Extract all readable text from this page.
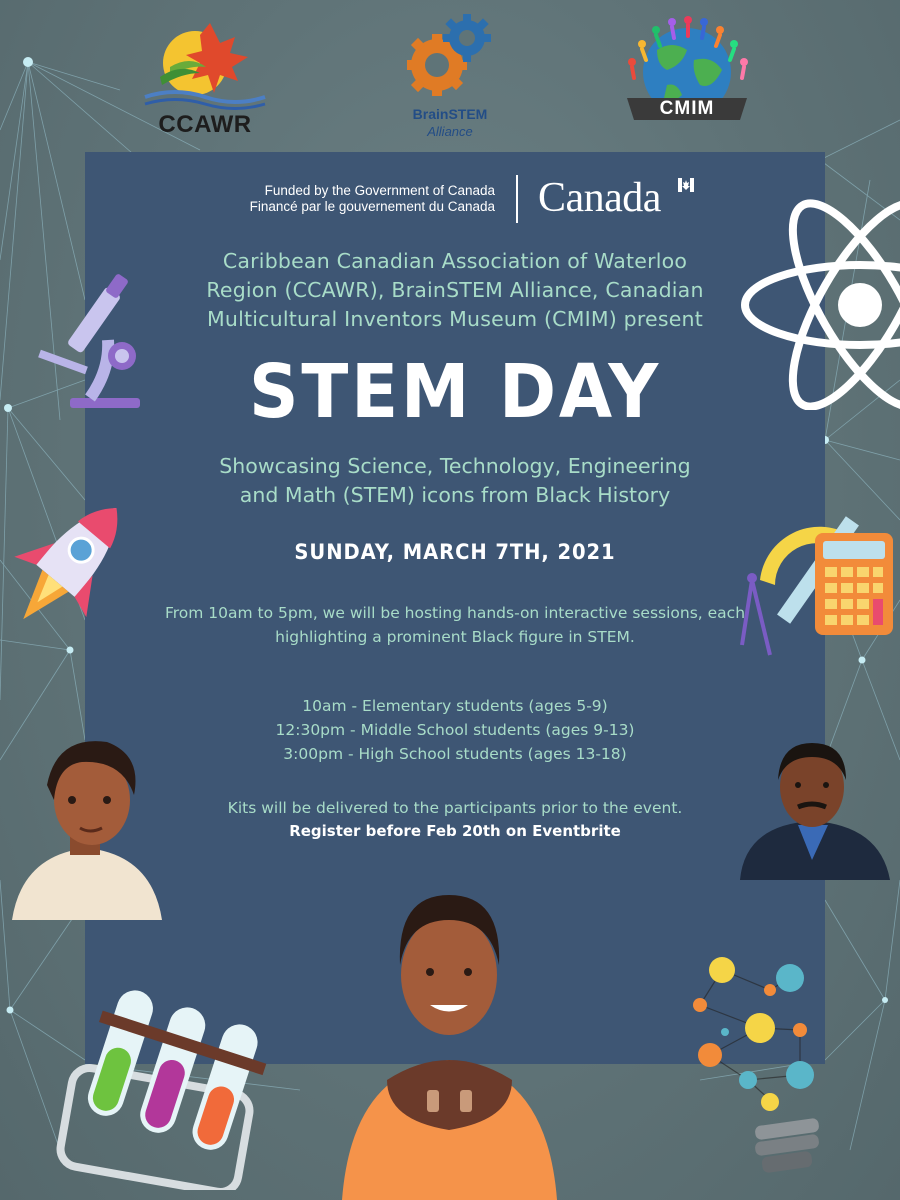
CCAWR	BrainSTEM
Alliance
CMIM
Funded by the Government of Canada
Financé par le gouvernement du Canada Canada
Caribbean Canadian Association of Waterloo
Region (CCAWR), BrainSTEM Alliance, Canadian
Multicultural Inventors Museum (CMIM) present
STEM DAY
Showcasing Science, Technology, Engineering
and Math (STEM) icons from Black History
SUNDAY, MARCH 7TH, 2021
From 10am to 5pm, we will be hosting hands-on interactive sessions, each highlighting a prominent Black figure in STEM.
10am - Elementary students (ages 5-9)
12:30pm - Middle School students (ages 9-13)
3:00pm - High School students (ages 13-18)
Kits will be delivered to the participants prior to the event.
Register before Feb 20th on Eventbrite
